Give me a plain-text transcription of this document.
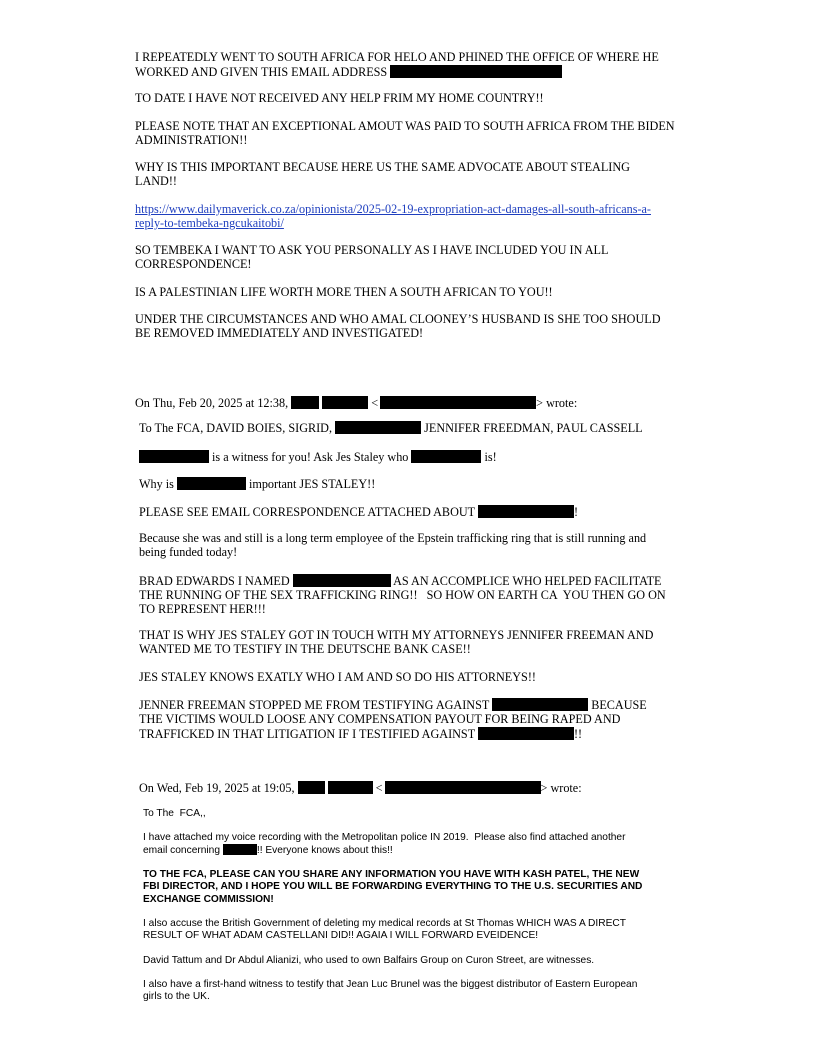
I REPEATEDLY WENT TO SOUTH AFRICA FOR HELO AND PHINED THE OFFICE OF WHERE HE
WORKED AND GIVEN THIS EMAIL ADDRESS
TO DATE I HAVE NOT RECEIVED ANY HELP FRIM MY HOME COUNTRY!!
PLEASE NOTE THAT AN EXCEPTIONAL AMOUT WAS PAID TO SOUTH AFRICA FROM THE BIDEN
ADMINISTRATION!!
WHY IS THIS IMPORTANT BECAUSE HERE US THE SAME ADVOCATE ABOUT STEALING
LAND!!
https://www.dailymaverick.co.za/opinionista/2025-02-19-expropriation-act-damages-all-south-africans-a-
reply-to-tembeka-ngcukaitobi/
SO TEMBEKA I WANT TO ASK YOU PERSONALLY AS I HAVE INCLUDED YOU IN ALL
CORRESPONDENCE!
IS A PALESTINIAN LIFE WORTH MORE THEN A SOUTH AFRICAN TO YOU!!
UNDER THE CIRCUMSTANCES AND WHO AMAL CLOONEY’S HUSBAND IS SHE TOO SHOULD
BE REMOVED IMMEDIATELY AND INVESTIGATED!
On Thu, Feb 20, 2025 at 12:38,	<	> wrote:
To The FCA, DAVID BOIES, SIGRID,	JENNIFER FREEDMAN, PAUL CASSELL
is a witness for you! Ask Jes Staley who	is!
Why is	important JES STALEY!!
PLEASE SEE EMAIL CORRESPONDENCE ATTACHED ABOUT	!
Because she was and still is a long term employee of the Epstein trafficking ring that is still running and
being funded today!
BRAD EDWARDS I NAMED	AS AN ACCOMPLICE WHO HELPED FACILITATE
THE RUNNING OF THE SEX TRAFFICKING RING!!   SO HOW ON EARTH CA  YOU THEN GO ON
TO REPRESENT HER!!!
THAT IS WHY JES STALEY GOT IN TOUCH WITH MY ATTORNEYS JENNIFER FREEMAN AND
WANTED ME TO TESTIFY IN THE DEUTSCHE BANK CASE!!
JES STALEY KNOWS EXATLY WHO I AM AND SO DO HIS ATTORNEYS!!
JENNER FREEMAN STOPPED ME FROM TESTIFYING AGAINST	BECAUSE
THE VICTIMS WOULD LOOSE ANY COMPENSATION PAYOUT FOR BEING RAPED AND
TRAFFICKED IN THAT LITIGATION IF I TESTIFIED AGAINST	!!
On Wed, Feb 19, 2025 at 19:05,	<	> wrote:
To The  FCA,,
I have attached my voice recording with the Metropolitan police IN 2019.  Please also find attached another
email concerning	!! Everyone knows about this!!
TO THE FCA, PLEASE CAN YOU SHARE ANY INFORMATION YOU HAVE WITH KASH PATEL, THE NEW
FBI DIRECTOR, AND I HOPE YOU WILL BE FORWARDING EVERYTHING TO THE U.S. SECURITIES AND
EXCHANGE COMMISSION!
I also accuse the British Government of deleting my medical records at St Thomas WHICH WAS A DIRECT
RESULT OF WHAT ADAM CASTELLANI DID!! AGAIA I WILL FORWARD EVEIDENCE!
David Tattum and Dr Abdul Alianizi, who used to own Balfairs Group on Curon Street, are witnesses.
I also have a first-hand witness to testify that Jean Luc Brunel was the biggest distributor of Eastern European
girls to the UK.
